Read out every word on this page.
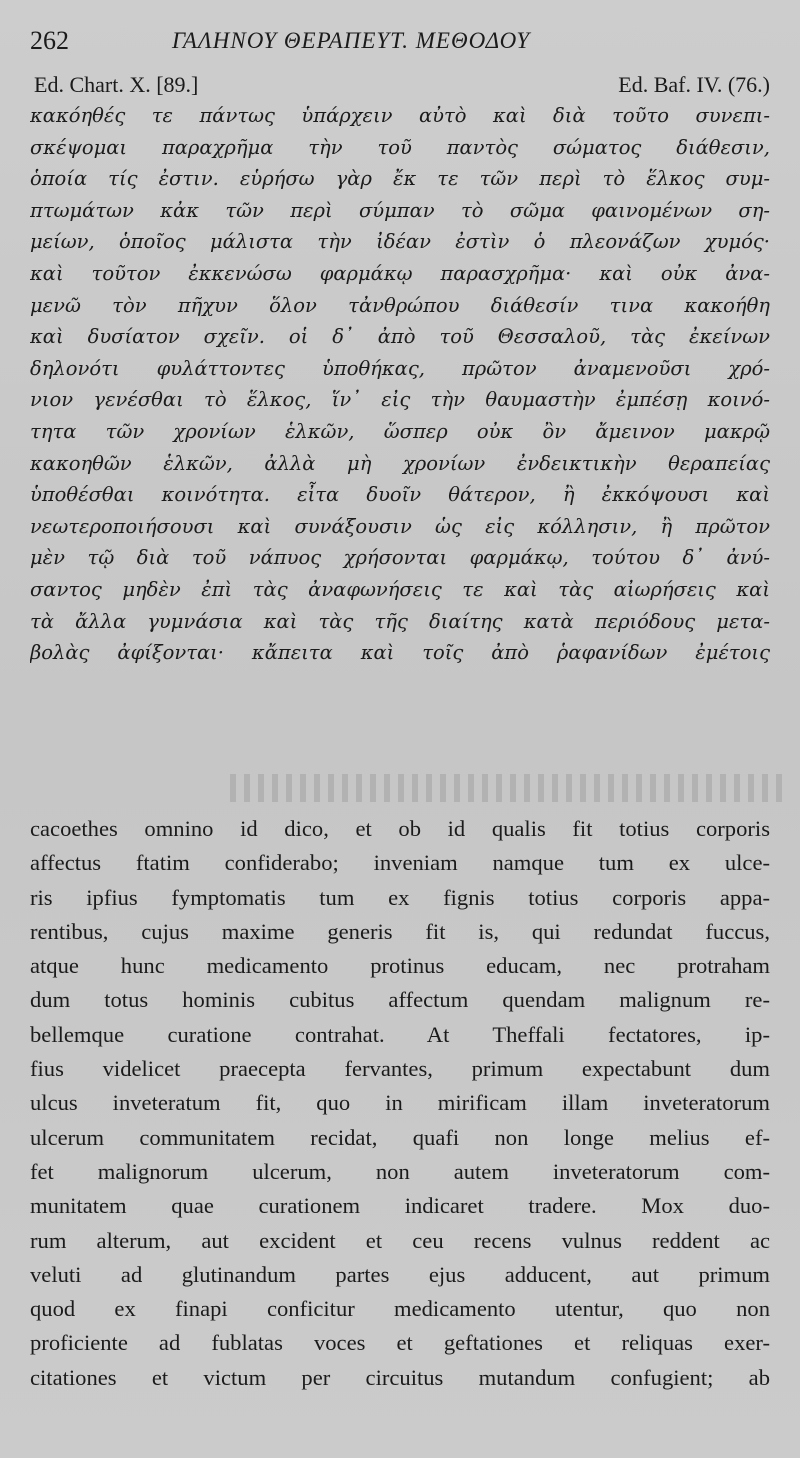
262	ΓΑΛΗΝΟΥ ΘΕΡΑΠΕΥΤ. ΜΕΘΟΔΟΥ
Ed. Chart. X. [89.]	Ed. Baf. IV. (76.)
κακόηθές τε πάντως ὑπάρχειν αὐτὸ καὶ διὰ τοῦτο συνεπι-
σκέψομαι παραχρῆμα τὴν τοῦ παντὸς σώματος διάθεσιν,
ὁποία τίς ἐστιν. εὑρήσω γὰρ ἔκ τε τῶν περὶ τὸ ἕλκος συμ-
πτωμάτων κἀκ τῶν περὶ σύμπαν τὸ σῶμα φαινομένων ση-
μείων, ὁποῖος μάλιστα τὴν ἰδέαν ἐστὶν ὁ πλεονάζων χυμός·
καὶ τοῦτον ἐκκενώσω φαρμάκῳ παρασχρῆμα· καὶ οὐκ ἀνα-
μενῶ τὸν πῆχυν ὅλον τἀνθρώπου διάθεσίν τινα κακοήθη
καὶ δυσίατον σχεῖν. οἱ δ᾽ ἀπὸ τοῦ Θεσσαλοῦ, τὰς ἐκείνων
δηλονότι φυλάττοντες ὑποθήκας, πρῶτον ἀναμενοῦσι χρό-
νιον γενέσθαι τὸ ἕλκος, ἵν᾽ εἰς τὴν θαυμαστὴν ἐμπέσῃ κοινό-
τητα τῶν χρονίων ἑλκῶν, ὥσπερ οὐκ ὂν ἄμεινον μακρῷ
κακοηθῶν ἑλκῶν, ἀλλὰ μὴ χρονίων ἐνδεικτικὴν θεραπείας
ὑποθέσθαι κοινότητα. εἶτα δυοῖν θάτερον, ἢ ἐκκόψουσι καὶ
νεωτεροποιήσουσι καὶ συνάξουσιν ὡς εἰς κόλλησιν, ἢ πρῶτον
μὲν τῷ διὰ τοῦ νάπυος χρήσονται φαρμάκῳ, τούτου δ᾽ ἀνύ-
σαντος μηδὲν ἐπὶ τὰς ἀναφωνήσεις τε καὶ τὰς αἰωρήσεις καὶ
τὰ ἄλλα γυμνάσια καὶ τὰς τῆς διαίτης κατὰ περιόδους μετα-
βολὰς ἀφίξονται· κἄπειτα καὶ τοῖς ἀπὸ ῥαφανίδων ἐμέτοις
cacoethes omnino id dico, et ob id qualis fit totius corporis
affectus ftatim confiderabo; inveniam namque tum ex ulce-
ris ipfius fymptomatis tum ex fignis totius corporis appa-
rentibus, cujus maxime generis fit is, qui redundat fuccus,
atque hunc medicamento protinus educam, nec protraham
dum totus hominis cubitus affectum quendam malignum re-
bellemque curatione contrahat. At Theffali fectatores, ip-
fius videlicet praecepta fervantes, primum expectabunt dum
ulcus inveteratum fit, quo in mirificam illam inveteratorum
ulcerum communitatem recidat, quafi non longe melius ef-
fet malignorum ulcerum, non autem inveteratorum com-
munitatem quae curationem indicaret tradere. Mox duo-
rum alterum, aut excident et ceu recens vulnus reddent ac
veluti ad glutinandum partes ejus adducent, aut primum
quod ex finapi conficitur medicamento utentur, quo non
proficiente ad fublatas voces et geftationes et reliquas exer-
citationes et victum per circuitus mutandum confugient; ab
